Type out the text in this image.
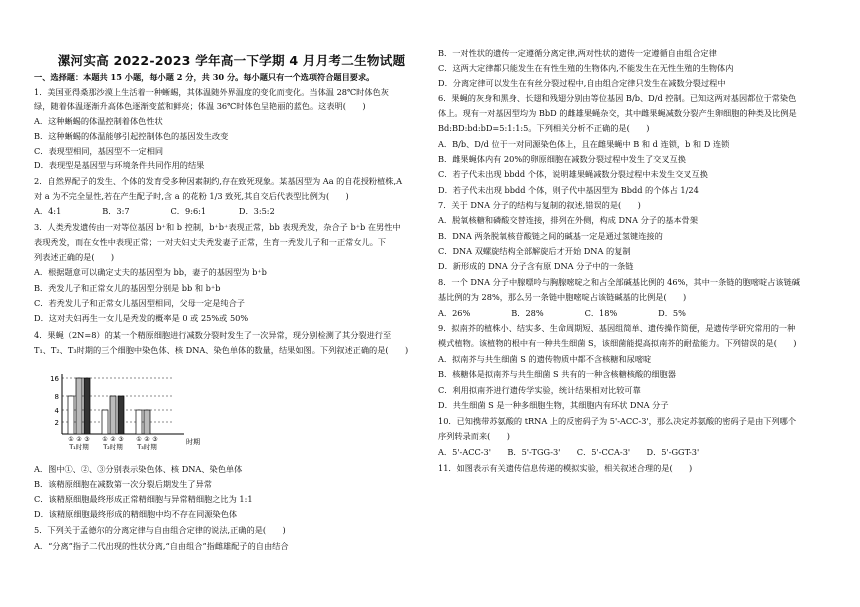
漯河实高 2022-2023 学年高一下学期 4 月月考二生物试题
一、选择题：本题共 15 小题，每小题 2 分，共 30 分。每小题只有一个选项符合题目要求。
1．美国亚得桑那沙漠上生活着一种蜥蜴，其体温随外界温度的变化而变化。当体温 28℃时体色灰
绿，随着体温逐渐升高体色逐渐变蓝和鲜亮；体温 36℃时体色呈艳丽的蓝色。这表明(　　)
A．这种蜥蜴的体温控制着体色性状
B．这种蜥蜴的体温能够引起控制体色的基因发生改变
C．表现型相同，基因型不一定相同
D．表现型是基因型与环境条件共同作用的结果
2．自然界配子的发生、个体的发育受多种因素制约,存在致死现象。某基因型为 Aa 的自花授粉植株,A
对 a 为不完全显性,若在产生配子时,含 a 的花粉 1/3 致死,其自交后代表型比例为(　　)
A．4:1　　　　　B．3:7　　　　　C．9:6:1　　　　D．3:5:2
3．人类秃发遗传由一对等位基因 b⁺和 b 控制，b⁺b⁺表现正常，bb 表现秃发，杂合子 b⁺b 在男性中
表现秃发，而在女性中表现正常；一对夫妇丈夫秃发妻子正常，生育一秃发儿子和一正常女儿。下
列表述正确的是(　　)
A．根据题意可以确定丈夫的基因型为 bb，妻子的基因型为 b⁺b
B．秃发儿子和正常女儿的基因型分别是 bb 和 b⁺b
C．若秃发儿子和正常女儿基因型相同，父母一定是纯合子
D．这对夫妇再生一女儿是秃发的概率是 0 或 25%或 50%
4．果蝇（2N=8）的某一个精原细胞进行减数分裂时发生了一次异常，现分别检测了其分裂进行至
T₁、T₂、T₃时期的三个细胞中染色体、核 DNA、染色单体的数量，结果如图。下列叙述正确的是(　　)
A．图中①、②、③分别表示染色体、核 DNA、染色单体
B．该精原细胞在减数第一次分裂后期发生了异常
C．该精原细胞最终形成正常精细胞与异常精细胞之比为 1:1
D．该精原细胞最终形成的精细胞中均不存在同源染色体
5．下列关于孟德尔的分离定律与自由组合定律的说法,正确的是(　　)
A．“分离”指子二代出现的性状分离,“自由组合”指雌雄配子的自由结合
B．一对性状的遗传一定遵循分离定律,两对性状的遗传一定遵循自由组合定律
C．这两大定律都只能发生在有性生殖的生物体内,不能发生在无性生殖的生物体内
D．分离定律可以发生在有丝分裂过程中,自由组合定律只发生在减数分裂过程中
6．果蝇的灰身和黑身、长翅和残翅分别由等位基因 B/b、D/d 控制。已知这两对基因都位于常染色
体上。现有一对基因型均为 BbD 的雌雄果蝇杂交，其中雌果蝇减数分裂产生卵细胞的种类及比例是
Bd:BD:bd:bD=5:1:1:5。下列相关分析不正确的是(　　)
A．B/b、D/d 位于一对同源染色体上，且在雌果蝇中 B 和 d 连锁，b 和 D 连锁
B．雌果蝇体内有 20%的卵原细胞在减数分裂过程中发生了交叉互换
C．若子代未出现 bbdd 个体，说明雄果蝇减数分裂过程中未发生交叉互换
D．若子代未出现 bbdd 个体，则子代中基因型为 Bbdd 的个体占 1/24
7．关于 DNA 分子的结构与复制的叙述,错误的是(　　)
A．脱氧核糖和磷酸交替连接，排列在外侧，构成 DNA 分子的基本骨架
B．DNA 两条脱氧核苷酸链之间的碱基一定是通过氢键连接的
C．DNA 双螺旋结构全部解旋后才开始 DNA 的复制
D．新形成的 DNA 分子含有原 DNA 分子中的一条链
8．一个 DNA 分子中腺嘌呤与胸腺嘧啶之和占全部碱基比例的 46%，其中一条链的胞嘧啶占该链碱
基比例的为 28%，那么另一条链中胞嘧啶占该链碱基的比例是(　　)
A．26%　　　　　B．28%　　　　　C．18%　　　　　D．5%
9．拟南芥的植株小、结实多、生命周期短、基因组简单、遗传操作简便，是遗传学研究常用的一种
模式植物。该植物的根中有一种共生细菌 S，该细菌能提高拟南芥的耐盐能力。下列错误的是(　　)
A．拟南芥与共生细菌 S 的遗传物质中都不含核糖和尿嘧啶
B．核糖体是拟南芥与共生细菌 S 共有的一种含核糖核酸的细胞器
C．利用拟南芥进行遗传学实验，统计结果相对比较可靠
D．共生细菌 S 是一种多细胞生物，其细胞内有环状 DNA 分子
10．已知携带苏氨酸的 tRNA 上的反密码子为 5'-ACC-3'，那么决定苏氨酸的密码子是由下列哪个
序列转录而来(　　)
A．5'-ACC-3'　　B．5'-TGG-3'　　C．5'-CCA-3'　　D．5'-GGT-3'
11．如图表示有关遗传信息传递的模拟实验，相关叙述合理的是(　　)
16
8
4
2
① ② ③
T₁时期
① ② ③
T₂时期
① ② ③
T₃时期
时期
